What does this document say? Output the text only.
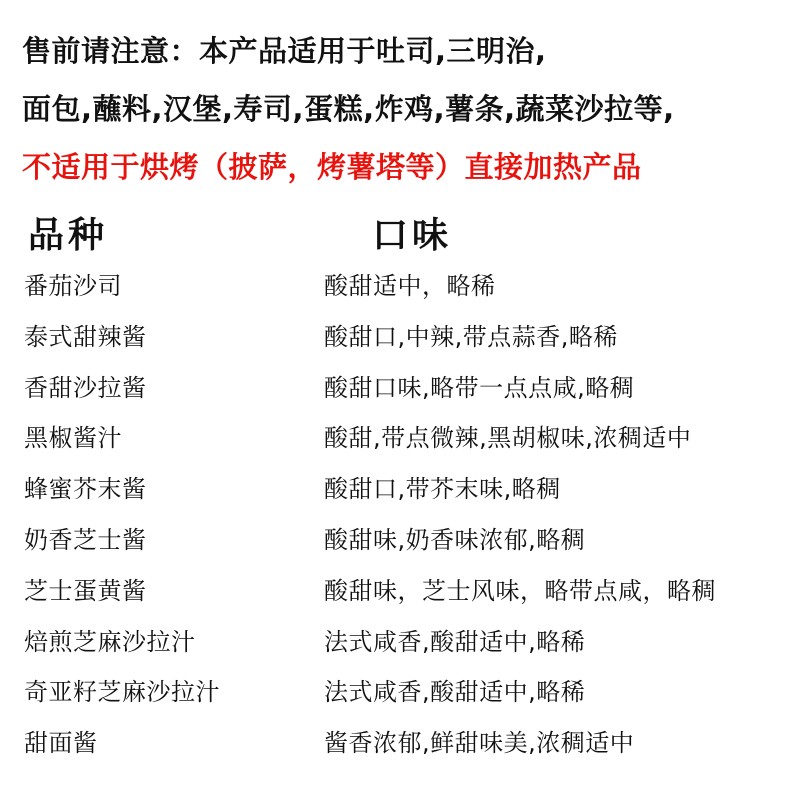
售前请注意：本产品适用于吐司,三明治,
面包,蘸料,汉堡,寿司,蛋糕,炸鸡,薯条,蔬菜沙拉等,
不适用于烘烤（披萨，烤薯塔等）直接加热产品
品种	口味
番茄沙司	酸甜适中，略稀
泰式甜辣酱	酸甜口,中辣,带点蒜香,略稀
香甜沙拉酱	酸甜口味,略带一点点咸,略稠
黑椒酱汁	酸甜,带点微辣,黑胡椒味,浓稠适中
蜂蜜芥末酱	酸甜口,带芥末味,略稠
奶香芝士酱	酸甜味,奶香味浓郁,略稠
芝士蛋黄酱	酸甜味，芝士风味，略带点咸，略稠
焙煎芝麻沙拉汁	法式咸香,酸甜适中,略稀
奇亚籽芝麻沙拉汁	法式咸香,酸甜适中,略稀
甜面酱	酱香浓郁,鲜甜味美,浓稠适中
